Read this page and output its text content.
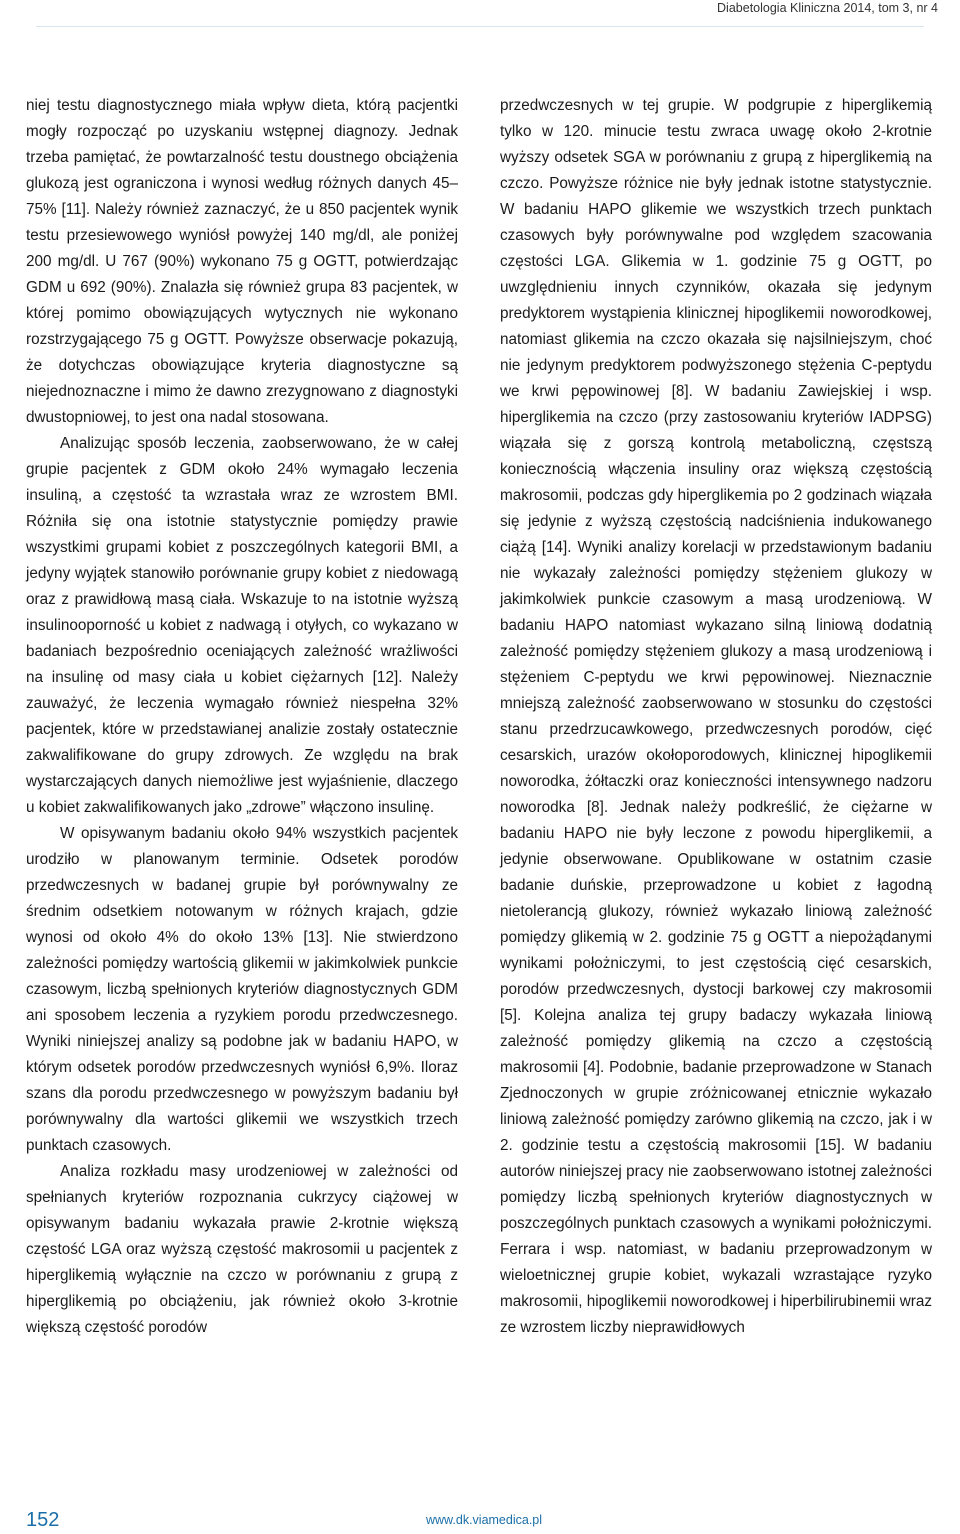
Diabetologia Kliniczna 2014, tom 3, nr 4

niej testu diagnostycznego miała wpływ dieta, którą pacjentki mogły rozpocząć po uzyskaniu wstępnej diagnozy. Jednak trzeba pamiętać, że powtarzalność testu doustnego obciążenia glukozą jest ograniczona i wynosi według różnych danych 45–75% [11]. Należy również zaznaczyć, że u 850 pacjentek wynik testu przesiewowego wyniósł powyżej 140 mg/dl, ale poniżej 200 mg/dl. U 767 (90%) wykonano 75 g OGTT, potwierdzając GDM u 692 (90%). Znalazła się również grupa 83 pacjentek, w której pomimo obowiązujących wytycznych nie wykonano rozstrzygającego 75 g OGTT. Powyższe obserwacje pokazują, że dotychczas obowiązujące kryteria diagnostyczne są niejednoznaczne i mimo że dawno zrezygnowano z diagnostyki dwustopniowej, to jest ona nadal stosowana.

Analizując sposób leczenia, zaobserwowano, że w całej grupie pacjentek z GDM około 24% wymagało leczenia insuliną, a częstość ta wzrastała wraz ze wzrostem BMI. Różniła się ona istotnie statystycznie pomiędzy prawie wszystkimi grupami kobiet z poszczególnych kategorii BMI, a jedyny wyjątek stanowiło porównanie grupy kobiet z niedowagą oraz z prawidłową masą ciała. Wskazuje to na istotnie wyższą insulinooporność u kobiet z nadwagą i otyłych, co wykazano w badaniach bezpośrednio oceniających zależność wrażliwości na insulinę od masy ciała u kobiet ciężarnych [12]. Należy zauważyć, że leczenia wymagało również niespełna 32% pacjentek, które w przedstawianej analizie zostały ostatecznie zakwalifikowane do grupy zdrowych. Ze względu na brak wystarczających danych niemożliwe jest wyjaśnienie, dlaczego u kobiet zakwalifikowanych jako „zdrowe” włączono insulinę.

W opisywanym badaniu około 94% wszystkich pacjentek urodziło w planowanym terminie. Odsetek porodów przedwczesnych w badanej grupie był porównywalny ze średnim odsetkiem notowanym w różnych krajach, gdzie wynosi od około 4% do około 13% [13]. Nie stwierdzono zależności pomiędzy wartością glikemii w jakimkolwiek punkcie czasowym, liczbą spełnionych kryteriów diagnostycznych GDM ani sposobem leczenia a ryzykiem porodu przedwczesnego. Wyniki niniejszej analizy są podobne jak w badaniu HAPO, w którym odsetek porodów przedwczesnych wyniósł 6,9%. Iloraz szans dla porodu przedwczesnego w powyższym badaniu był porównywalny dla wartości glikemii we wszystkich trzech punktach czasowych.

Analiza rozkładu masy urodzeniowej w zależności od spełnianych kryteriów rozpoznania cukrzycy ciążowej w opisywanym badaniu wykazała prawie 2-krotnie większą częstość LGA oraz wyższą częstość makrosomii u pacjentek z hiperglikemią wyłącznie na czczo w porównaniu z grupą z hiperglikemią po obciążeniu, jak również około 3-krotnie większą częstość porodów

przedwczesnych w tej grupie. W podgrupie z hiperglikemią tylko w 120. minucie testu zwraca uwagę około 2-krotnie wyższy odsetek SGA w porównaniu z grupą z hiperglikemią na czczo. Powyższe różnice nie były jednak istotne statystycznie. W badaniu HAPO glikemie we wszystkich trzech punktach czasowych były porównywalne pod względem szacowania częstości LGA. Glikemia w 1. godzinie 75 g OGTT, po uwzględnieniu innych czynników, okazała się jedynym predyktorem wystąpienia klinicznej hipoglikemii noworodkowej, natomiast glikemia na czczo okazała się najsilniejszym, choć nie jedynym predyktorem podwyższonego stężenia C-peptydu we krwi pępowinowej [8]. W badaniu Zawiejskiej i wsp. hiperglikemia na czczo (przy zastosowaniu kryteriów IADPSG) wiązała się z gorszą kontrolą metaboliczną, częstszą koniecznością włączenia insuliny oraz większą częstością makrosomii, podczas gdy hiperglikemia po 2 godzinach wiązała się jedynie z wyższą częstością nadciśnienia indukowanego ciążą [14]. Wyniki analizy korelacji w przedstawionym badaniu nie wykazały zależności pomiędzy stężeniem glukozy w jakimkolwiek punkcie czasowym a masą urodzeniową. W badaniu HAPO natomiast wykazano silną liniową dodatnią zależność pomiędzy stężeniem glukozy a masą urodzeniową i stężeniem C-peptydu we krwi pępowinowej. Nieznacznie mniejszą zależność zaobserwowano w stosunku do częstości stanu przedrzucawkowego, przedwczesnych porodów, cięć cesarskich, urazów okołoporodowych, klinicznej hipoglikemii noworodka, żółtaczki oraz konieczności intensywnego nadzoru noworodka [8]. Jednak należy podkreślić, że ciężarne w badaniu HAPO nie były leczone z powodu hiperglikemii, a jedynie obserwowane. Opublikowane w ostatnim czasie badanie duńskie, przeprowadzone u kobiet z łagodną nietolerancją glukozy, również wykazało liniową zależność pomiędzy glikemią w 2. godzinie 75 g OGTT a niepożądanymi wynikami położniczymi, to jest częstością cięć cesarskich, porodów przedwczesnych, dystocji barkowej czy makrosomii [5]. Kolejna analiza tej grupy badaczy wykazała liniową zależność pomiędzy glikemią na czczo a częstością makrosomii [4]. Podobnie, badanie przeprowadzone w Stanach Zjednoczonych w grupie zróżnicowanej etnicznie wykazało liniową zależność pomiędzy zarówno glikemią na czczo, jak i w 2. godzinie testu a częstością makrosomii [15]. W badaniu autorów niniejszej pracy nie zaobserwowano istotnej zależności pomiędzy liczbą spełnionych kryteriów diagnostycznych w poszczególnych punktach czasowych a wynikami położniczymi. Ferrara i wsp. natomiast, w badaniu przeprowadzonym w wieloetnicznej grupie kobiet, wykazali wzrastające ryzyko makrosomii, hipoglikemii noworodkowej i hiperbilirubinemii wraz ze wzrostem liczby nieprawidłowych

152	www.dk.viamedica.pl
